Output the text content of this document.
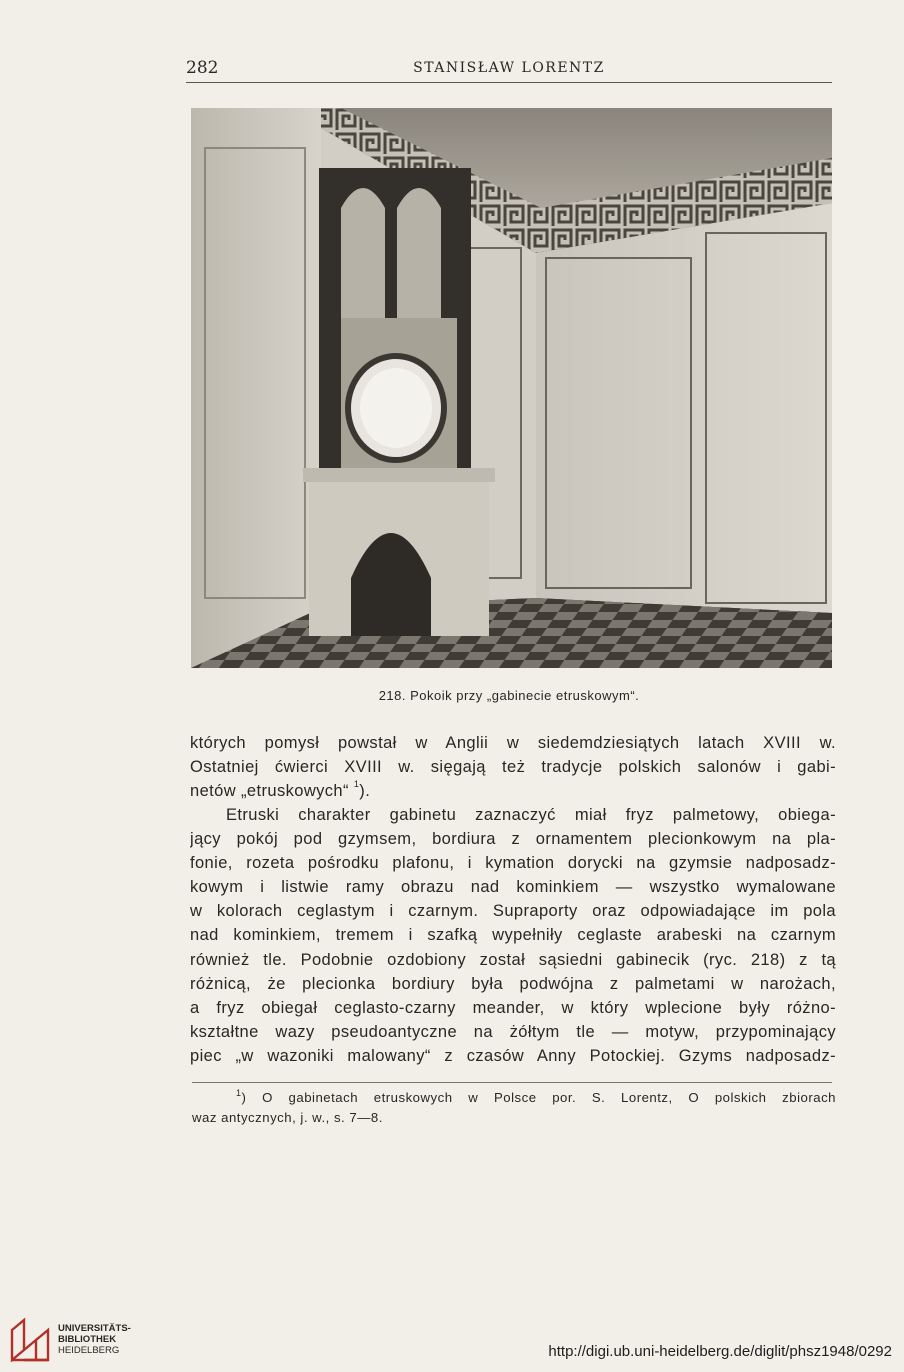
282	STANISŁAW LORENTZ
218. Pokoik przy „gabinecie etruskowym“.
których pomysł powstał w Anglii w siedemdziesiątych latach XVIII w.
Ostatniej ćwierci XVIII w. sięgają też tradycje polskich salonów i gabi-
netów „etruskowych“ $^1$).
Etruski charakter gabinetu zaznaczyć miał fryz palmetowy, obiega-
jący pokój pod gzymsem, bordiura z ornamentem plecionkowym na pla-
fonie, rozeta pośrodku plafonu, i kymation dorycki na gzymsie nadposadz-
kowym i listwie ramy obrazu nad kominkiem — wszystko wymalowane
w kolorach ceglastym i czarnym. Supraporty oraz odpowiadające im pola
nad kominkiem, tremem i szafką wypełniły ceglaste arabeski na czarnym
również tle. Podobnie ozdobiony został sąsiedni gabinecik (ryc. 218) z tą
różnicą, że plecionka bordiury była podwójna z palmetami w narożach,
a fryz obiegał ceglasto-czarny meander, w który wplecione były różno-
kształtne wazy pseudoantyczne na żółtym tle — motyw, przypominający
piec „w wazoniki malowany“ z czasów Anny Potockiej. Gzyms nadposadz-
$^1$) O gabinetach etruskowych w Polsce por. S. Lorentz, O polskich zbiorach
waz antycznych, j. w., s. 7—8.
UNIVERSITÄTS-
BIBLIOTHEK
HEIDELBERG	http://digi.ub.uni-heidelberg.de/diglit/phsz1948/0292
